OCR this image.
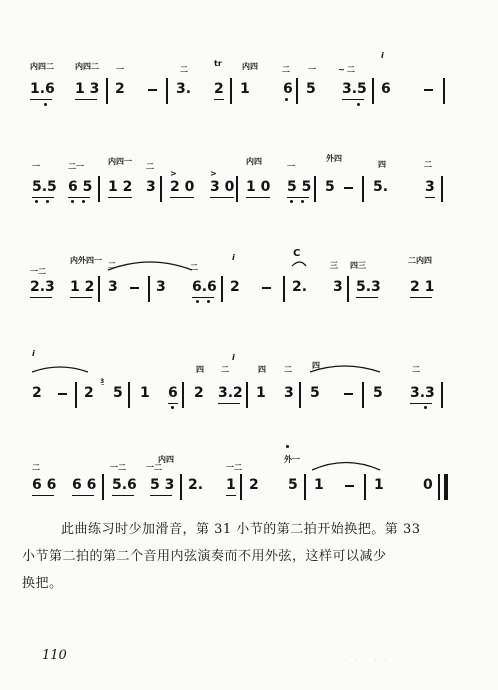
内四二	内四二 一	二
tr	内四	二 一	二
i
∼
1.6 1 3 2	3. 2 1 6 5 3.5 6
一	二一
内四一
二
内四
一
外四
四	二
>	>
5.5 6 5 1 2 3 2 0 3 0 1 0 5 5 5	5.	3
一二
内外四一
二	二
i	C
三 四三
二内四
2.3 1 2 3	3 6.6 2	2. 3 5.3 2 1
i
四 二
i
四 二	四	二
3̲
2	2 5 1 6 2 3.2 1 3 5	5 3.3
二	一二	一二
内四
一二
外一
6 6 6 6 5.6 5 3 2. 1 2 5 1	1	0

此曲练习时少加滑音，第 31 小节的第二拍开始换把。第 33

小节第二拍的第二个音用内弦演奏而不用外弦，这样可以减少

换把。

110	· · · · · ·
